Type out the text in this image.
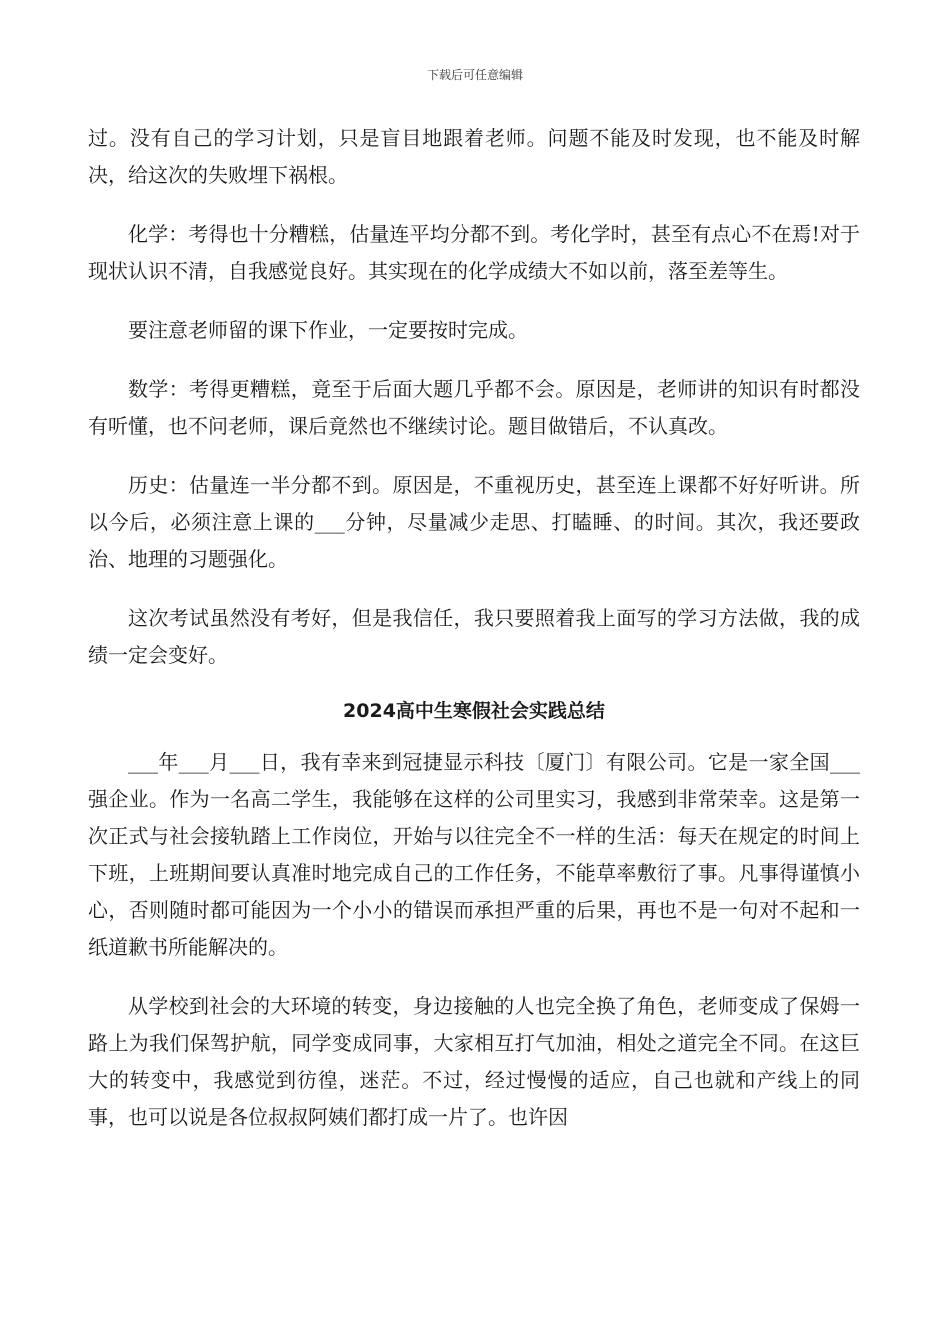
下载后可任意编辑

过。没有自己的学习计划，只是盲目地跟着老师。问题不能及时发现，也不能及时解决，给这次的失败埋下祸根。

化学：考得也十分糟糕，估量连平均分都不到。考化学时，甚至有点心不在焉!对于现状认识不清，自我感觉良好。其实现在的化学成绩大不如以前，落至差等生。

要注意老师留的课下作业，一定要按时完成。

数学：考得更糟糕，竟至于后面大题几乎都不会。原因是，老师讲的知识有时都没有听懂，也不问老师，课后竟然也不继续讨论。题目做错后，不认真改。

历史：估量连一半分都不到。原因是，不重视历史，甚至连上课都不好好听讲。所以今后，必须注意上课的___分钟，尽量减少走思、打瞌睡、的时间。其次，我还要政治、地理的习题强化。

这次考试虽然没有考好，但是我信任，我只要照着我上面写的学习方法做，我的成绩一定会变好。

2024高中生寒假社会实践总结

___年___月___日，我有幸来到冠捷显示科技〔厦门〕有限公司。它是一家全国___强企业。作为一名高二学生，我能够在这样的公司里实习，我感到非常荣幸。这是第一次正式与社会接轨踏上工作岗位，开始与以往完全不一样的生活：每天在规定的时间上下班，上班期间要认真准时地完成自己的工作任务，不能草率敷衍了事。凡事得谨慎小心，否则随时都可能因为一个小小的错误而承担严重的后果，再也不是一句对不起和一纸道歉书所能解决的。

从学校到社会的大环境的转变，身边接触的人也完全换了角色，老师变成了保姆一路上为我们保驾护航，同学变成同事，大家相互打气加油，相处之道完全不同。在这巨大的转变中，我感觉到彷徨，迷茫。不过，经过慢慢的适应，自己也就和产线上的同事，也可以说是各位叔叔阿姨们都打成一片了。也许因
